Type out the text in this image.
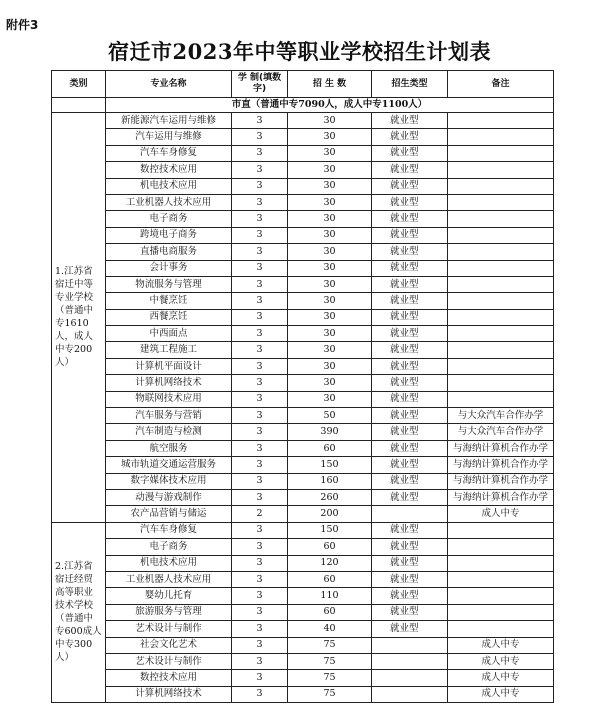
附件3
宿迁市2023年中等职业学校招生计划表
类别	专业名称	学 制(填数字)	招 生 数	招生类型	备注
	市直（普通中专7090人，成人中专1100人）				
1.江苏省宿迁中等专业学校（普通中专1610人，成人中专200人）	新能源汽车运用与维修	3	30	就业型	
	汽车运用与维修	3	30	就业型	
	汽车车身修复	3	30	就业型	
	数控技术应用	3	30	就业型	
	机电技术应用	3	30	就业型	
	工业机器人技术应用	3	30	就业型	
	电子商务	3	30	就业型	
	跨境电子商务	3	30	就业型	
	直播电商服务	3	30	就业型	
	会计事务	3	30	就业型	
	物流服务与管理	3	30	就业型	
	中餐烹饪	3	30	就业型	
	西餐烹饪	3	30	就业型	
	中西面点	3	30	就业型	
	建筑工程施工	3	30	就业型	
	计算机平面设计	3	30	就业型	
	计算机网络技术	3	30	就业型	
	物联网技术应用	3	30	就业型	
	汽车服务与营销	3	50	就业型	与大众汽车合作办学
	汽车制造与检测	3	390	就业型	与大众汽车合作办学
	航空服务	3	60	就业型	与海纳计算机合作办学
	城市轨道交通运营服务	3	150	就业型	与海纳计算机合作办学
	数字媒体技术应用	3	160	就业型	与海纳计算机合作办学
	动漫与游戏制作	3	260	就业型	与海纳计算机合作办学
	农产品营销与储运	2	200		成人中专
2.江苏省宿迁经贸高等职业技术学校（普通中专600成人中专300人）	汽车车身修复	3	150	就业型	
	电子商务	3	60	就业型	
	机电技术应用	3	120	就业型	
	工业机器人技术应用	3	60	就业型	
	婴幼儿托育	3	110	就业型	
	旅游服务与管理	3	60	就业型	
	艺术设计与制作	3	40	就业型	
	社会文化艺术	3	75		成人中专
	艺术设计与制作	3	75		成人中专
	数控技术应用	3	75		成人中专
	计算机网络技术	3	75		成人中专
